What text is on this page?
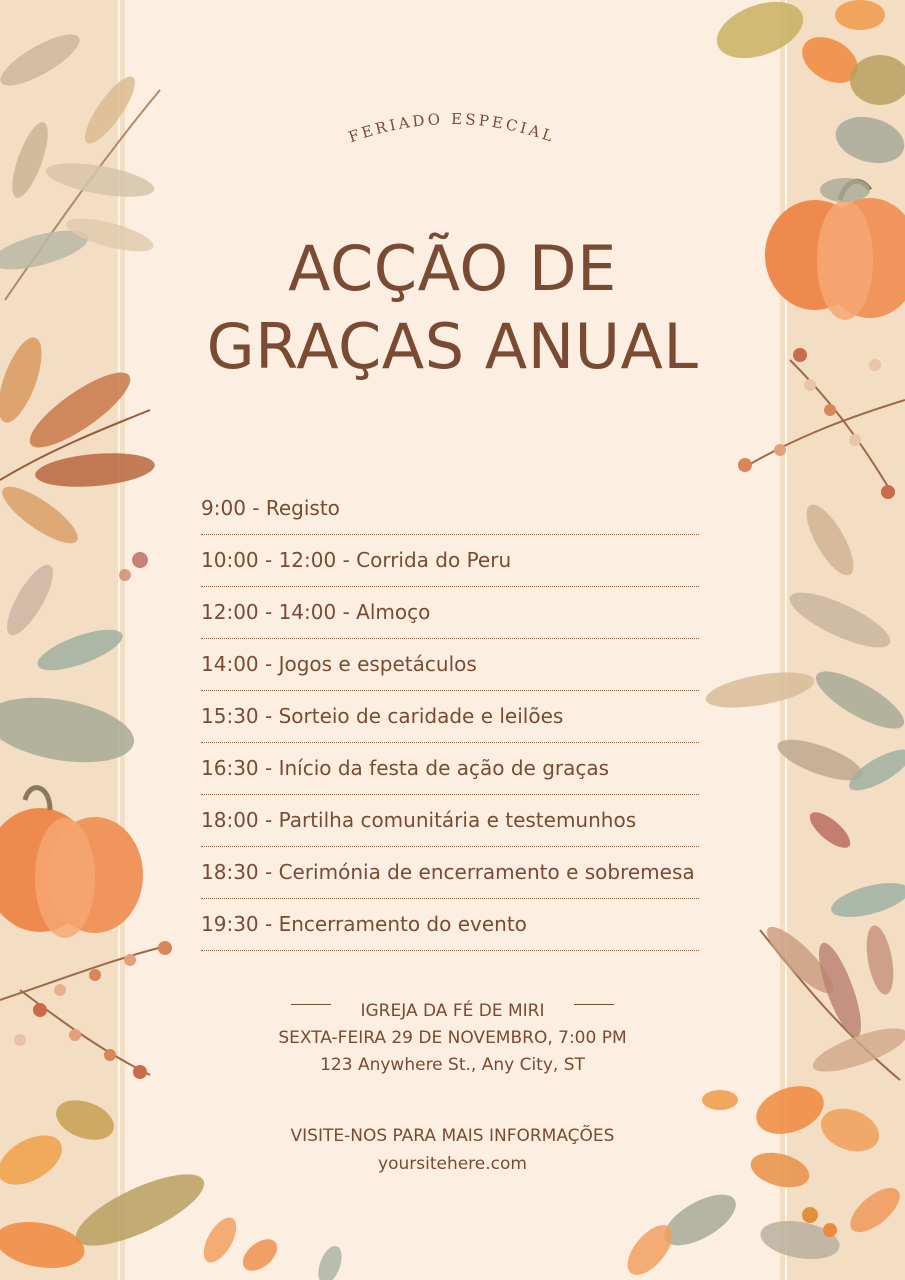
FERIADO ESPECIAL
ACÇÃO DE
GRAÇAS ANUAL
9:00 - Registo
10:00 - 12:00 - Corrida do Peru
12:00 - 14:00 - Almoço
14:00 - Jogos e espetáculos
15:30 - Sorteio de caridade e leilões
16:30 - Início da festa de ação de graças
18:00 - Partilha comunitária e testemunhos
18:30 - Cerimónia de encerramento e sobremesa
19:30 - Encerramento do evento
IGREJA DA FÉ DE MIRI
SEXTA-FEIRA 29 DE NOVEMBRO, 7:00 PM
123 Anywhere St., Any City, ST
VISITE-NOS PARA MAIS INFORMAÇÕES
yoursitehere.com
